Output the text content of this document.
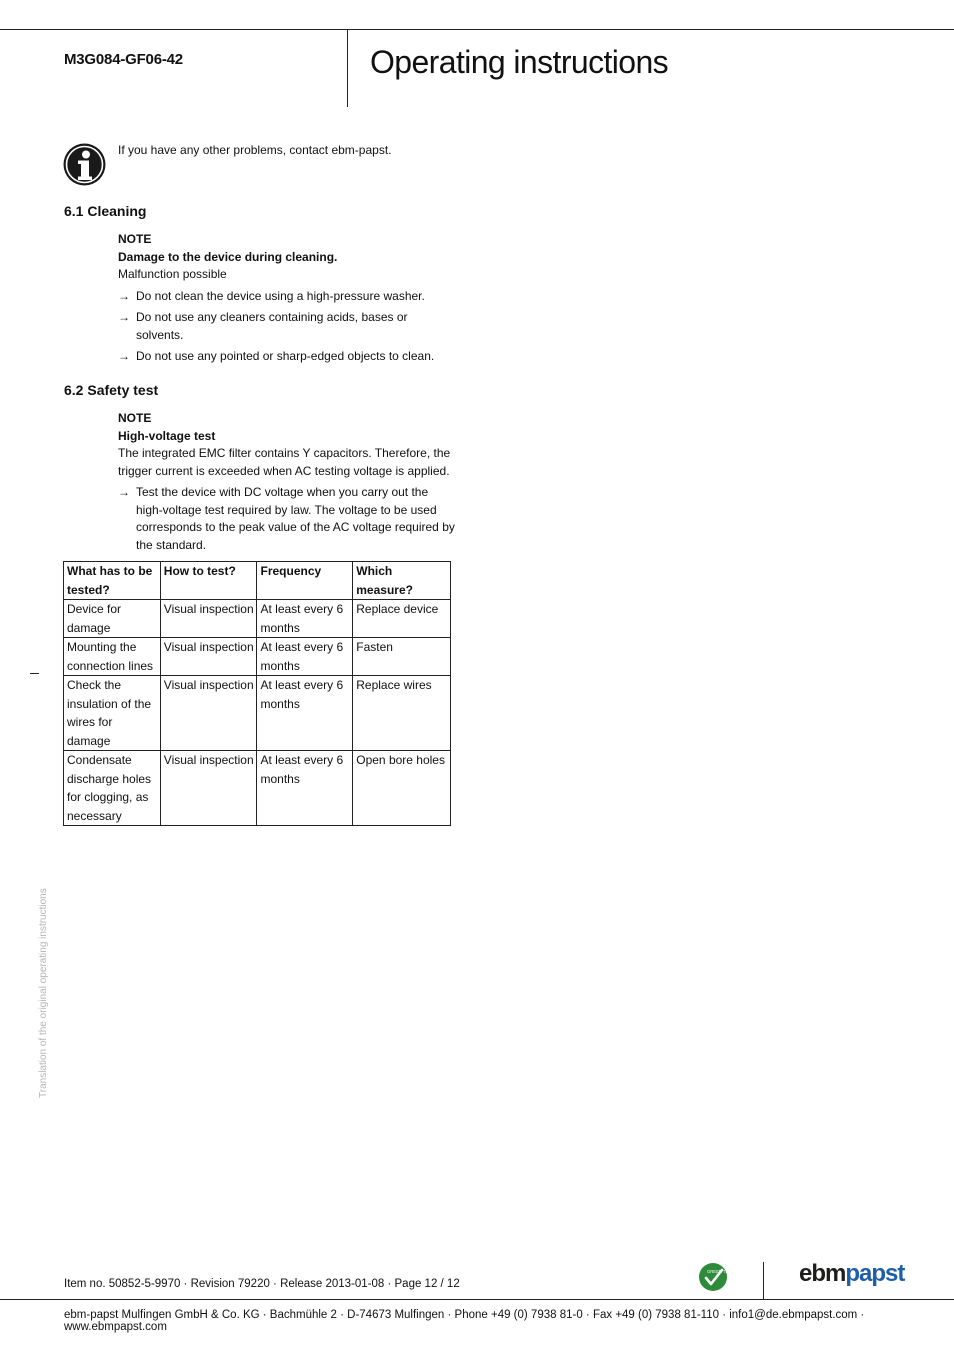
M3G084-GF06-42	Operating instructions
If you have any other problems, contact ebm-papst.
6.1 Cleaning
NOTE
Damage to the device during cleaning.
Malfunction possible
→ Do not clean the device using a high-pressure washer.
→ Do not use any cleaners containing acids, bases or solvents.
→ Do not use any pointed or sharp-edged objects to clean.
6.2 Safety test
NOTE
High-voltage test
The integrated EMC filter contains Y capacitors. Therefore, the trigger current is exceeded when AC testing voltage is applied.
→ Test the device with DC voltage when you carry out the high-voltage test required by law. The voltage to be used corresponds to the peak value of the AC voltage required by the standard.
What has to be tested?	How to test?	Frequency	Which measure?
Device for damage	Visual inspection	At least every 6 months	Replace device
Mounting the connection lines	Visual inspection	At least every 6 months	Fasten
Check the insulation of the wires for damage	Visual inspection	At least every 6 months	Replace wires
Condensate discharge holes for clogging, as necessary	Visual inspection	At least every 6 months	Open bore holes
Translation of the original operating instructions
Item no. 50852-5-9970 · Revision 79220 · Release 2013-01-08 · Page 12 / 12
GREEN TECH	ebmpapst
ebm-papst Mulfingen GmbH & Co. KG · Bachmühle 2 · D-74673 Mulfingen · Phone +49 (0) 7938 81-0 · Fax +49 (0) 7938 81-110 · info1@de.ebmpapst.com · www.ebmpapst.com
